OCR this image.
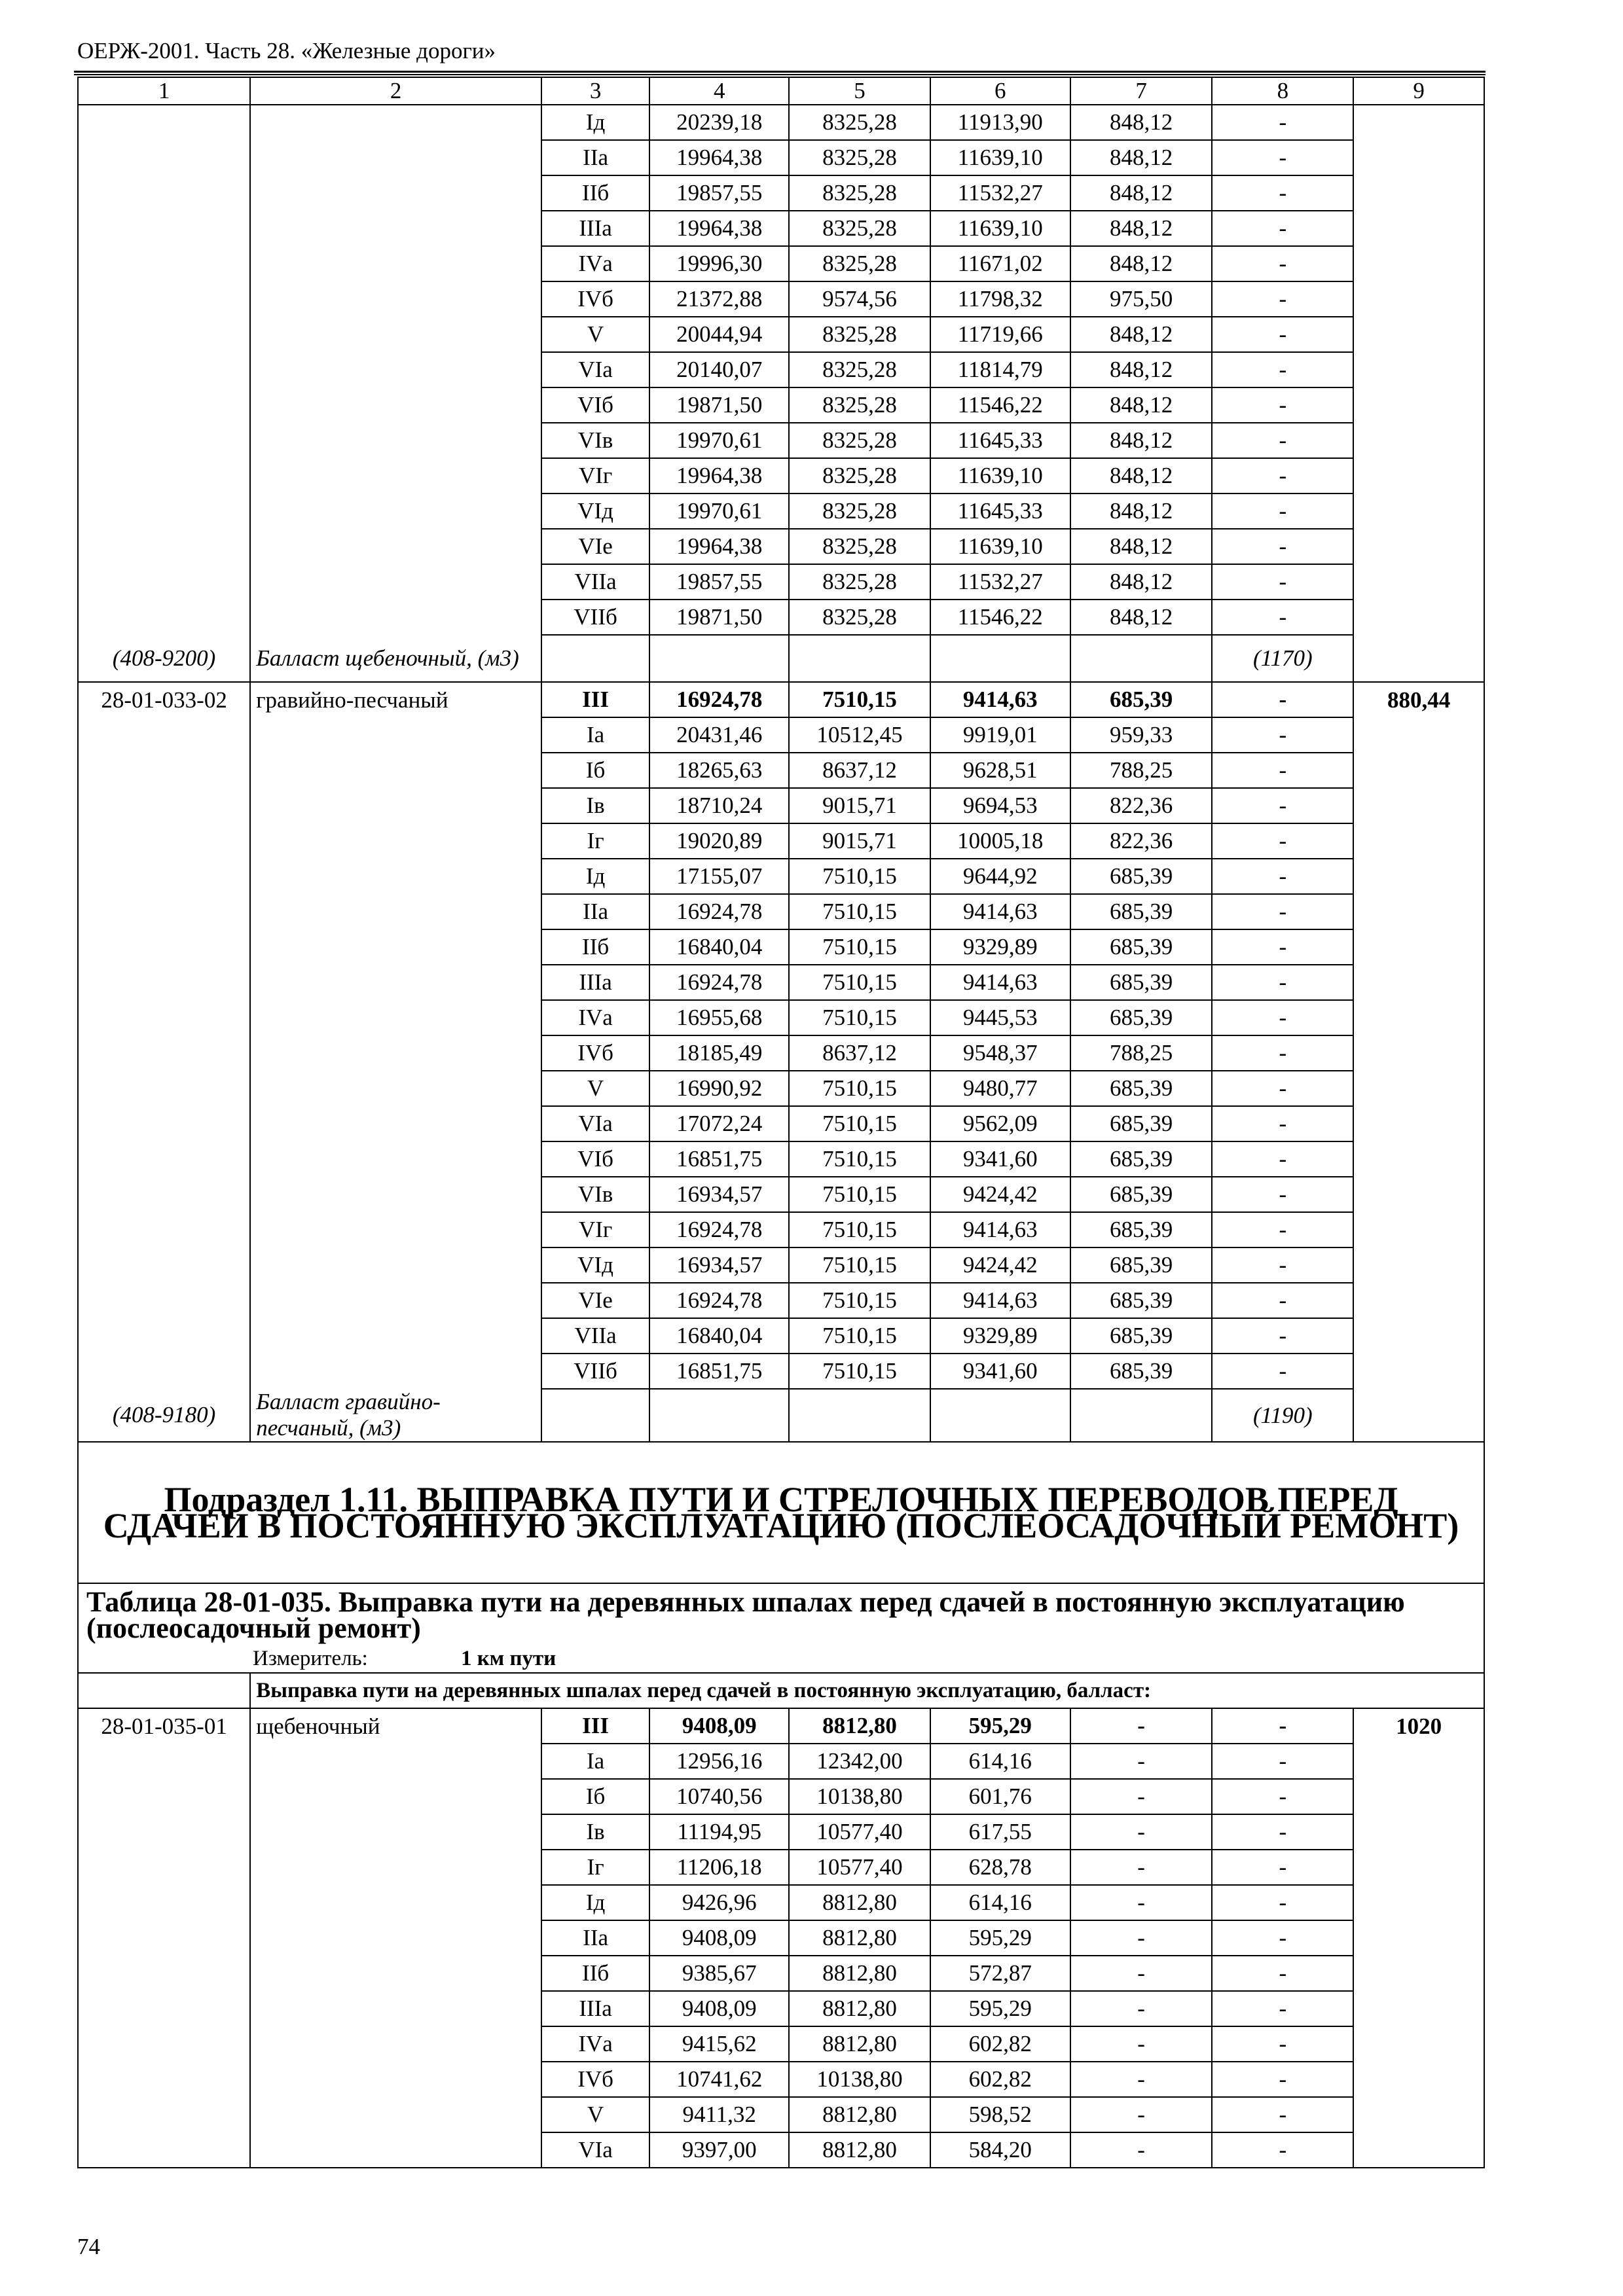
ОЕРЖ-2001. Часть 28. «Железные дороги»
1	2	3	4	5	6	7	8	9
		Iд	20239,18	8325,28	11913,90	848,12	-	
		IIа	19964,38	8325,28	11639,10	848,12	-	
		IIб	19857,55	8325,28	11532,27	848,12	-	
		IIIа	19964,38	8325,28	11639,10	848,12	-	
		IVа	19996,30	8325,28	11671,02	848,12	-	
		IVб	21372,88	9574,56	11798,32	975,50	-	
		V	20044,94	8325,28	11719,66	848,12	-	
		VIа	20140,07	8325,28	11814,79	848,12	-	
		VIб	19871,50	8325,28	11546,22	848,12	-	
		VIв	19970,61	8325,28	11645,33	848,12	-	
		VIг	19964,38	8325,28	11639,10	848,12	-	
		VIд	19970,61	8325,28	11645,33	848,12	-	
		VIе	19964,38	8325,28	11639,10	848,12	-	
		VIIа	19857,55	8325,28	11532,27	848,12	-	
		VIIб	19871,50	8325,28	11546,22	848,12	-	
(408-9200)	Балласт щебеночный, (м3)						(1170)	
28-01-033-02	гравийно-песчаный	III	16924,78	7510,15	9414,63	685,39	-	880,44
		Iа	20431,46	10512,45	9919,01	959,33	-	
		Iб	18265,63	8637,12	9628,51	788,25	-	
		Iв	18710,24	9015,71	9694,53	822,36	-	
		Iг	19020,89	9015,71	10005,18	822,36	-	
		Iд	17155,07	7510,15	9644,92	685,39	-	
		IIа	16924,78	7510,15	9414,63	685,39	-	
		IIб	16840,04	7510,15	9329,89	685,39	-	
		IIIа	16924,78	7510,15	9414,63	685,39	-	
		IVа	16955,68	7510,15	9445,53	685,39	-	
		IVб	18185,49	8637,12	9548,37	788,25	-	
		V	16990,92	7510,15	9480,77	685,39	-	
		VIа	17072,24	7510,15	9562,09	685,39	-	
		VIб	16851,75	7510,15	9341,60	685,39	-	
		VIв	16934,57	7510,15	9424,42	685,39	-	
		VIг	16924,78	7510,15	9414,63	685,39	-	
		VIд	16934,57	7510,15	9424,42	685,39	-	
		VIе	16924,78	7510,15	9414,63	685,39	-	
		VIIа	16840,04	7510,15	9329,89	685,39	-	
		VIIб	16851,75	7510,15	9341,60	685,39	-	
(408-9180)	Балласт гравийно-песчаный, (м3)						(1190)	
Подраздел 1.11. ВЫПРАВКА ПУТИ И СТРЕЛОЧНЫХ ПЕРЕВОДОВ ПЕРЕД СДАЧЕЙ В ПОСТОЯННУЮ ЭКСПЛУАТАЦИЮ (ПОСЛЕОСАДОЧНЫЙ РЕМОНТ)								
Таблица 28-01-035. Выправка пути на деревянных шпалах перед сдачей в постоянную эксплуатацию (послеосадочный ремонт)								
Измеритель: 1 км пути								
	Выправка пути на деревянных шпалах перед сдачей в постоянную эксплуатацию, балласт:							
28-01-035-01	щебеночный	III	9408,09	8812,80	595,29	-	-	1020
		Iа	12956,16	12342,00	614,16	-	-	
		Iб	10740,56	10138,80	601,76	-	-	
		Iв	11194,95	10577,40	617,55	-	-	
		Iг	11206,18	10577,40	628,78	-	-	
		Iд	9426,96	8812,80	614,16	-	-	
		IIа	9408,09	8812,80	595,29	-	-	
		IIб	9385,67	8812,80	572,87	-	-	
		IIIа	9408,09	8812,80	595,29	-	-	
		IVа	9415,62	8812,80	602,82	-	-	
		IVб	10741,62	10138,80	602,82	-	-	
		V	9411,32	8812,80	598,52	-	-	
		VIа	9397,00	8812,80	584,20	-	-	
74
